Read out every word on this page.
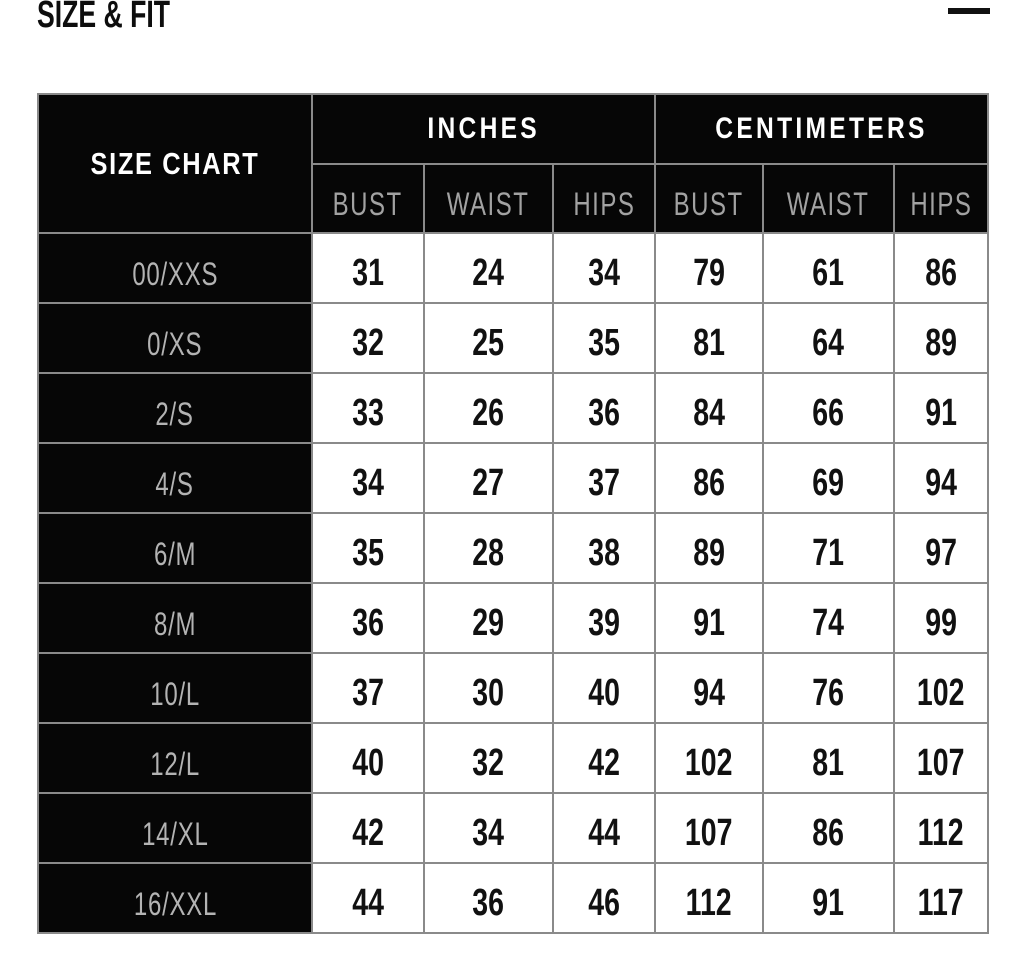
SIZE & FIT
SIZE CHART	INCHES			CENTIMETERS		
	BUST	WAIST	HIPS	BUST	WAIST	HIPS
00/XXS	31	24	34	79	61	86
0/XS	32	25	35	81	64	89
2/S	33	26	36	84	66	91
4/S	34	27	37	86	69	94
6/M	35	28	38	89	71	97
8/M	36	29	39	91	74	99
10/L	37	30	40	94	76	102
12/L	40	32	42	102	81	107
14/XL	42	34	44	107	86	112
16/XXL	44	36	46	112	91	117
